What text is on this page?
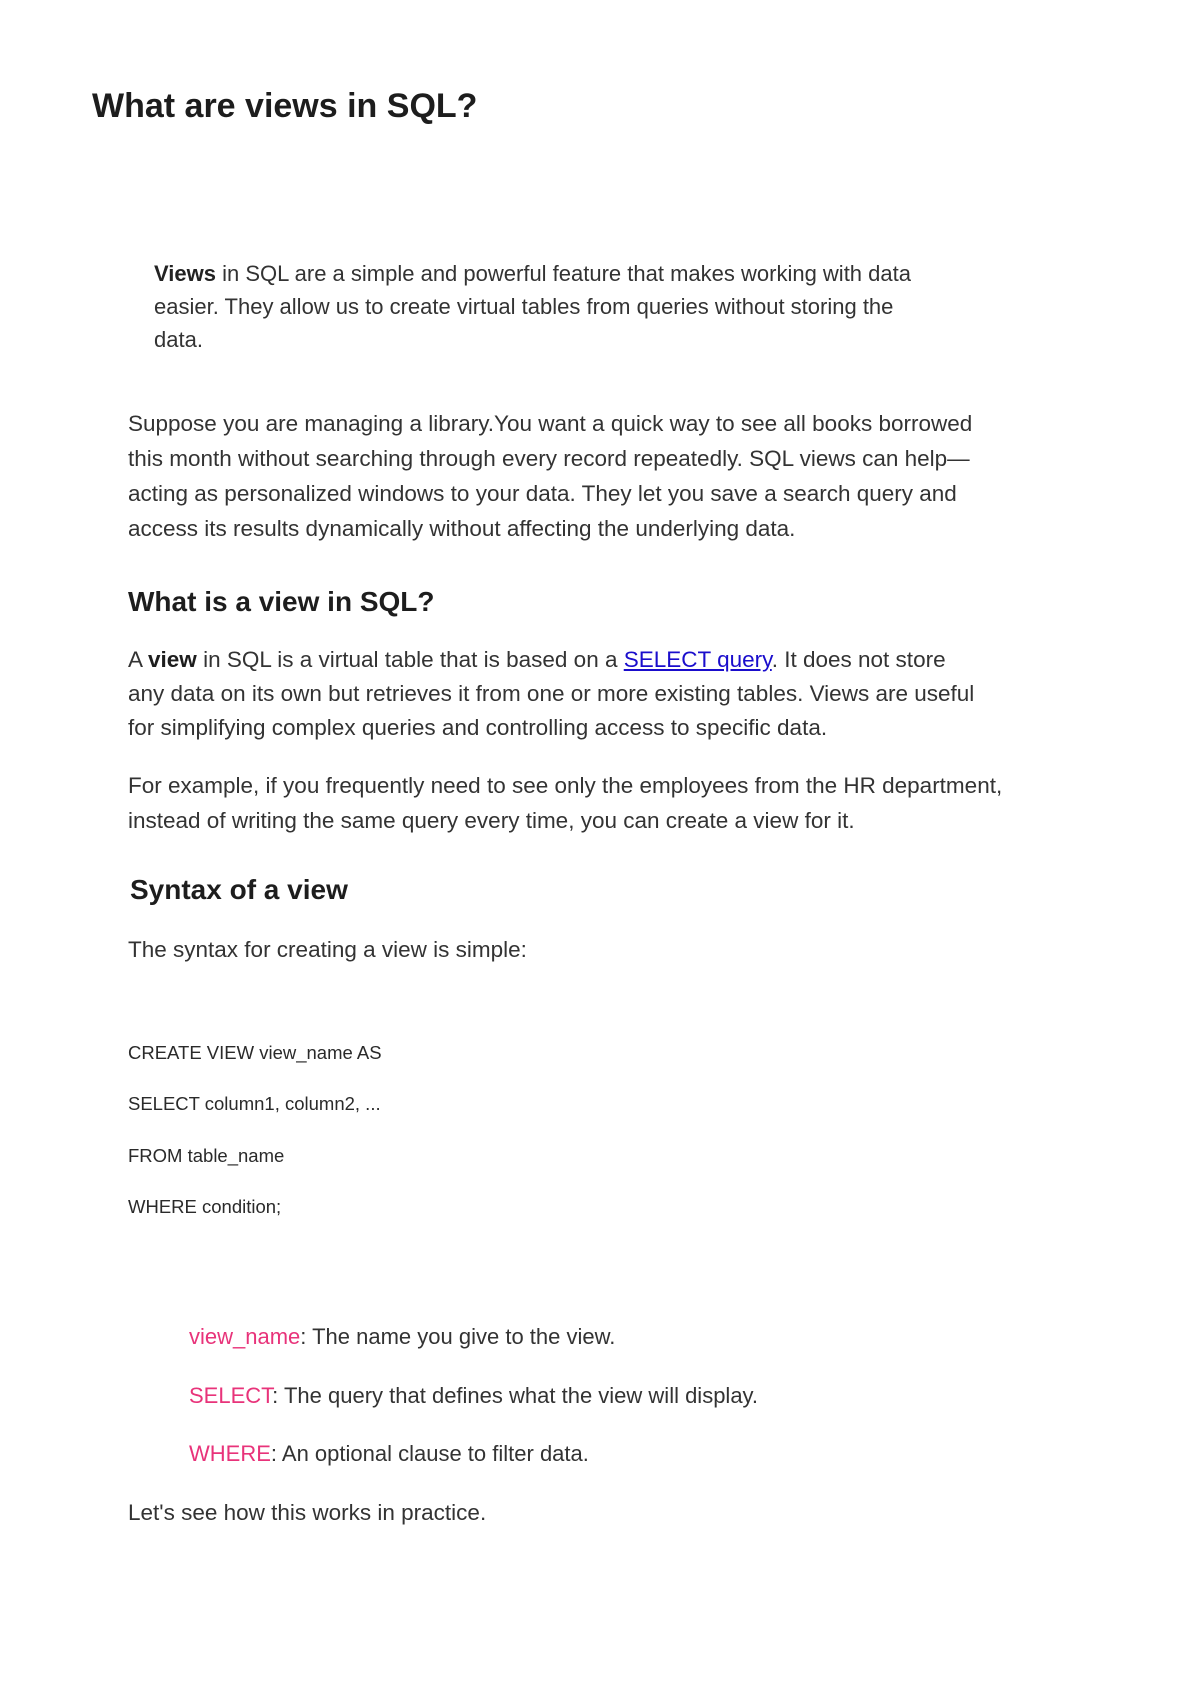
What are views in SQL?

Views in SQL are a simple and powerful feature that makes working with data
easier. They allow us to create virtual tables from queries without storing the
data.

Suppose you are managing a library.You want a quick way to see all books borrowed
this month without searching through every record repeatedly. SQL views can help—
acting as personalized windows to your data. They let you save a search query and
access its results dynamically without affecting the underlying data.

What is a view in SQL?

A view in SQL is a virtual table that is based on a SELECT query. It does not store
any data on its own but retrieves it from one or more existing tables. Views are useful
for simplifying complex queries and controlling access to specific data.

For example, if you frequently need to see only the employees from the HR department,
instead of writing the same query every time, you can create a view for it.

Syntax of a view

The syntax for creating a view is simple:

CREATE VIEW view_name AS

SELECT column1, column2, ...

FROM table_name

WHERE condition;

view_name: The name you give to the view.

SELECT: The query that defines what the view will display.

WHERE: An optional clause to filter data.

Let's see how this works in practice.
